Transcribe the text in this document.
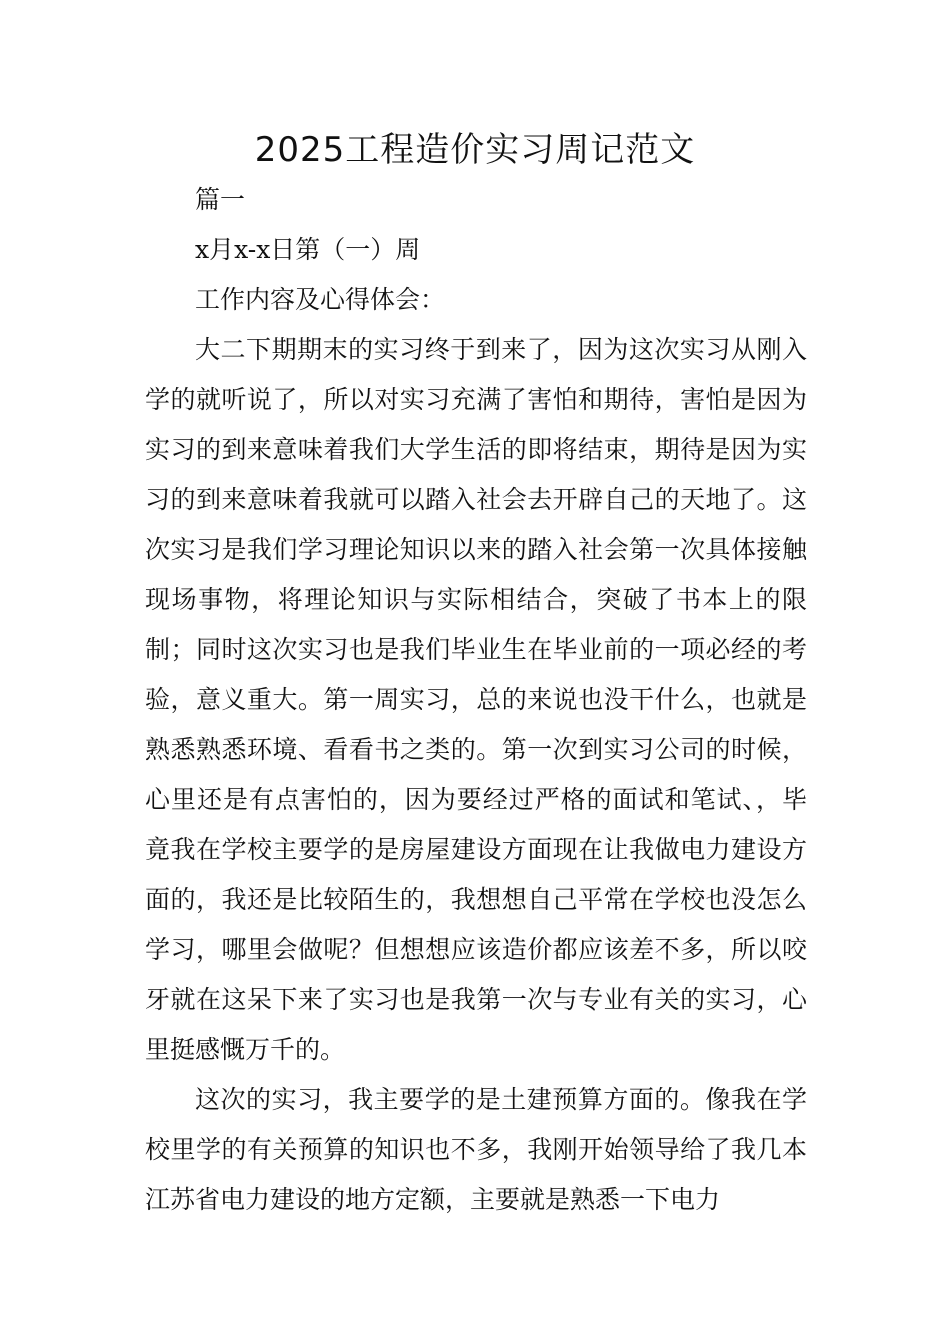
2025工程造价实习周记范文

篇一

x月x-x日第（一）周

工作内容及心得体会：

大二下期期末的实习终于到来了，因为这次实习从刚入学的就听说了，所以对实习充满了害怕和期待，害怕是因为实习的到来意味着我们大学生活的即将结束，期待是因为实习的到来意味着我就可以踏入社会去开辟自己的天地了。这次实习是我们学习理论知识以来的踏入社会第一次具体接触现场事物，将理论知识与实际相结合，突破了书本上的限制；同时这次实习也是我们毕业生在毕业前的一项必经的考验，意义重大。第一周实习，总的来说也没干什么，也就是熟悉熟悉环境、看看书之类的。第一次到实习公司的时候，心里还是有点害怕的，因为要经过严格的面试和笔试、，毕竟我在学校主要学的是房屋建设方面现在让我做电力建设方面的，我还是比较陌生的，我想想自己平常在学校也没怎么学习，哪里会做呢？但想想应该造价都应该差不多，所以咬牙就在这呆下来了实习也是我第一次与专业有关的实习，心里挺感慨万千的。

这次的实习，我主要学的是土建预算方面的。像我在学校里学的有关预算的知识也不多，我刚开始领导给了我几本江苏省电力建设的地方定额，主要就是熟悉一下电力
